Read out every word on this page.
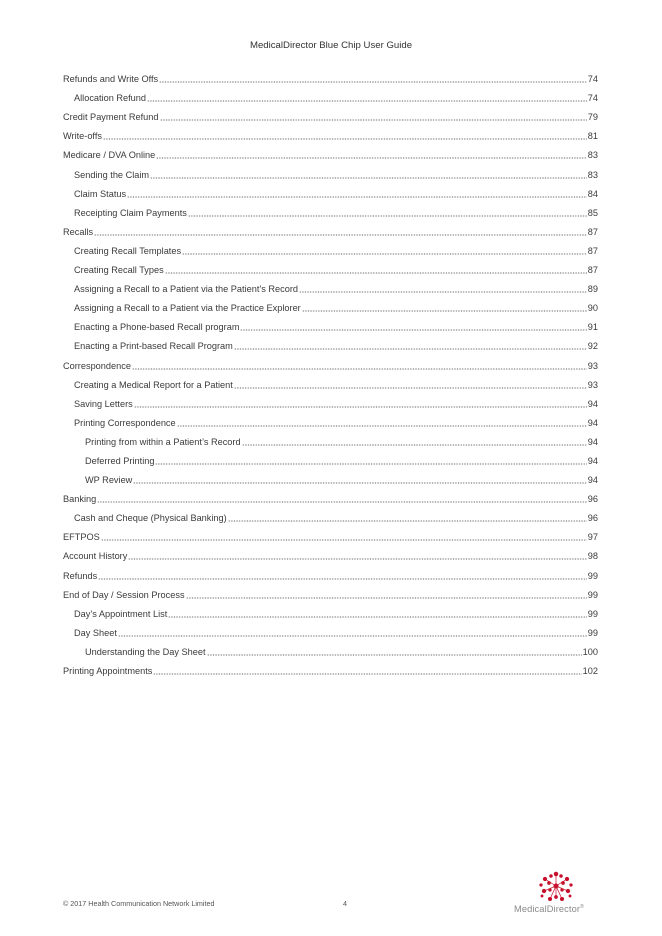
MedicalDirector Blue Chip User Guide
Refunds and Write Offs	74
Allocation Refund	74
Credit Payment Refund	79
Write-offs	81
Medicare / DVA Online	83
Sending the Claim	83
Claim Status	84
Receipting Claim Payments	85
Recalls	87
Creating Recall Templates	87
Creating Recall Types	87
Assigning a Recall to a Patient via the Patient’s Record	89
Assigning a Recall to a Patient via the Practice Explorer	90
Enacting a Phone-based Recall program	91
Enacting a Print-based Recall Program	92
Correspondence	93
Creating a Medical Report for a Patient	93
Saving Letters	94
Printing Correspondence	94
Printing from within a Patient’s Record	94
Deferred Printing	94
WP Review	94
Banking	96
Cash and Cheque (Physical Banking)	96
EFTPOS	97
Account History	98
Refunds	99
End of Day / Session Process	99
Day’s Appointment List	99
Day Sheet	99
Understanding the Day Sheet	100
Printing Appointments	102
© 2017 Health Communication Network Limited	4
MedicalDirector®
